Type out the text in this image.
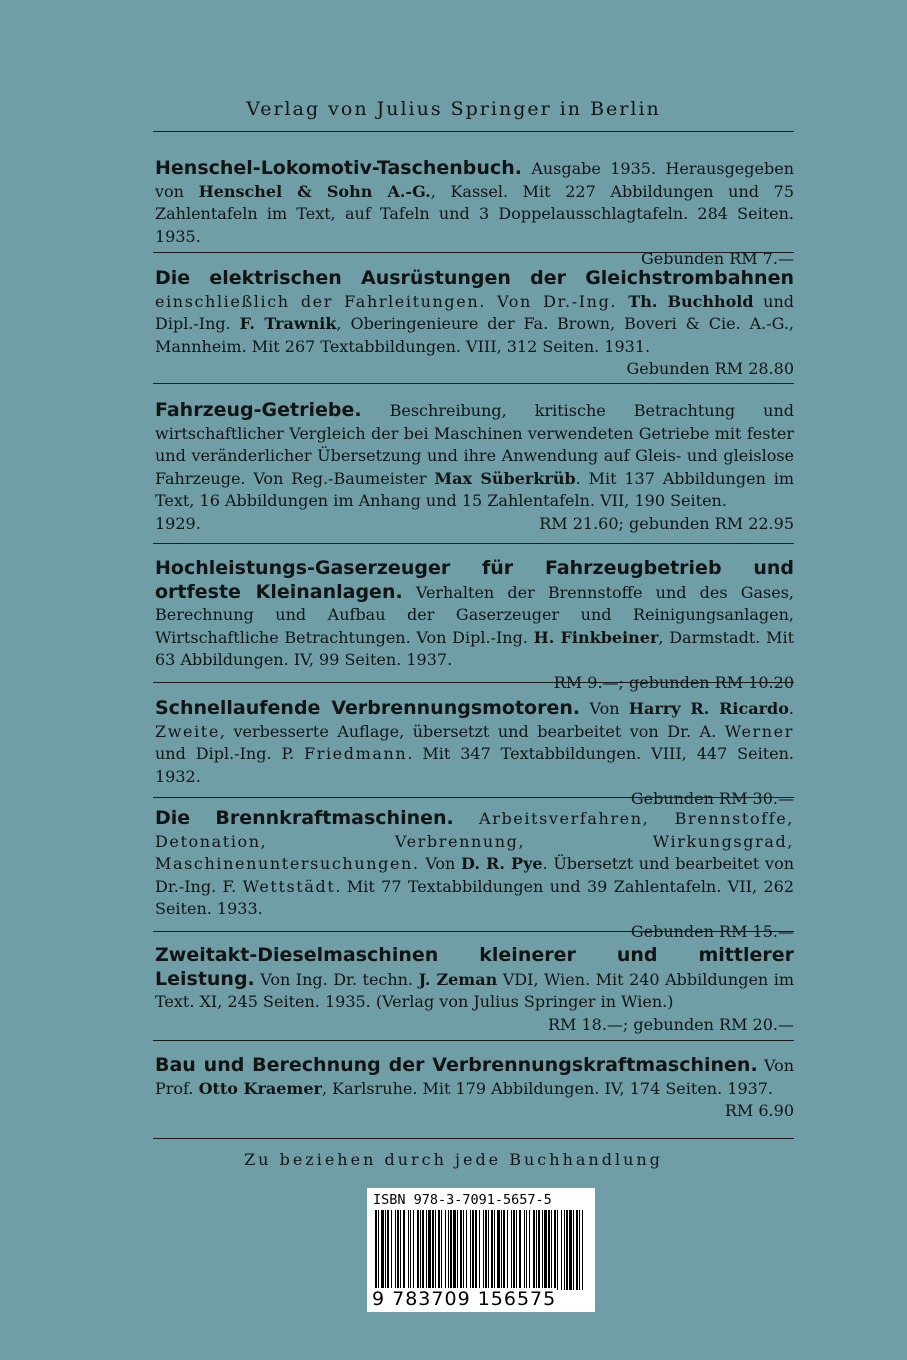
Verlag von Julius Springer in Berlin
Henschel-Lokomotiv-Taschenbuch. Ausgabe 1935. Herausgegeben von Henschel & Sohn A.-G., Kassel. Mit 227 Abbildungen und 75 Zahlentafeln im Text, auf Tafeln und 3 Doppelausschlagtafeln. 284 Seiten. 1935.
Gebunden RM 7.—
Die elektrischen Ausrüstungen der Gleichstrombahnen einschließlich der Fahrleitungen. Von Dr.-Ing. Th. Buchhold und Dipl.-Ing. F. Trawnik, Oberingenieure der Fa. Brown, Boveri & Cie. A.-G., Mannheim. Mit 267 Textabbildungen. VIII, 312 Seiten. 1931.
Gebunden RM 28.80
Fahrzeug-Getriebe. Beschreibung, kritische Betrachtung und wirtschaftlicher Vergleich der bei Maschinen verwendeten Getriebe mit fester und veränderlicher Übersetzung und ihre Anwendung auf Gleis- und gleislose Fahrzeuge. Von Reg.-Baumeister Max Süberkrüb. Mit 137 Abbildungen im Text, 16 Abbildungen im Anhang und 15 Zahlentafeln. VII, 190 Seiten.
1929.	RM 21.60; gebunden RM 22.95
Hochleistungs-Gaserzeuger für Fahrzeugbetrieb und ortfeste Kleinanlagen. Verhalten der Brennstoffe und des Gases, Berechnung und Aufbau der Gaserzeuger und Reinigungsanlagen, Wirtschaftliche Betrachtungen. Von Dipl.-Ing. H. Finkbeiner, Darmstadt. Mit 63 Abbildungen. IV, 99 Seiten. 1937.
RM 9.—; gebunden RM 10.20
Schnellaufende Verbrennungsmotoren. Von Harry R. Ricardo. Zweite, verbesserte Auflage, übersetzt und bearbeitet von Dr. A. Werner und Dipl.-Ing. P. Friedmann. Mit 347 Textabbildungen. VIII, 447 Seiten. 1932.
Gebunden RM 30.—
Die Brennkraftmaschinen. Arbeitsverfahren, Brennstoffe, Detonation, Verbrennung, Wirkungsgrad, Maschinenuntersuchungen. Von D. R. Pye. Übersetzt und bearbeitet von Dr.-Ing. F. Wettstädt. Mit 77 Textabbildungen und 39 Zahlentafeln. VII, 262 Seiten. 1933.
Gebunden RM 15.—
Zweitakt-Dieselmaschinen kleinerer und mittlerer Leistung. Von Ing. Dr. techn. J. Zeman VDI, Wien. Mit 240 Abbildungen im Text. XI, 245 Seiten. 1935. (Verlag von Julius Springer in Wien.)
RM 18.—; gebunden RM 20.—
Bau und Berechnung der Verbrennungskraftmaschinen. Von Prof. Otto Kraemer, Karlsruhe. Mit 179 Abbildungen. IV, 174 Seiten. 1937.
RM 6.90
Zu beziehen durch jede Buchhandlung
ISBN 978-3-7091-5657-5
9 783709 156575
